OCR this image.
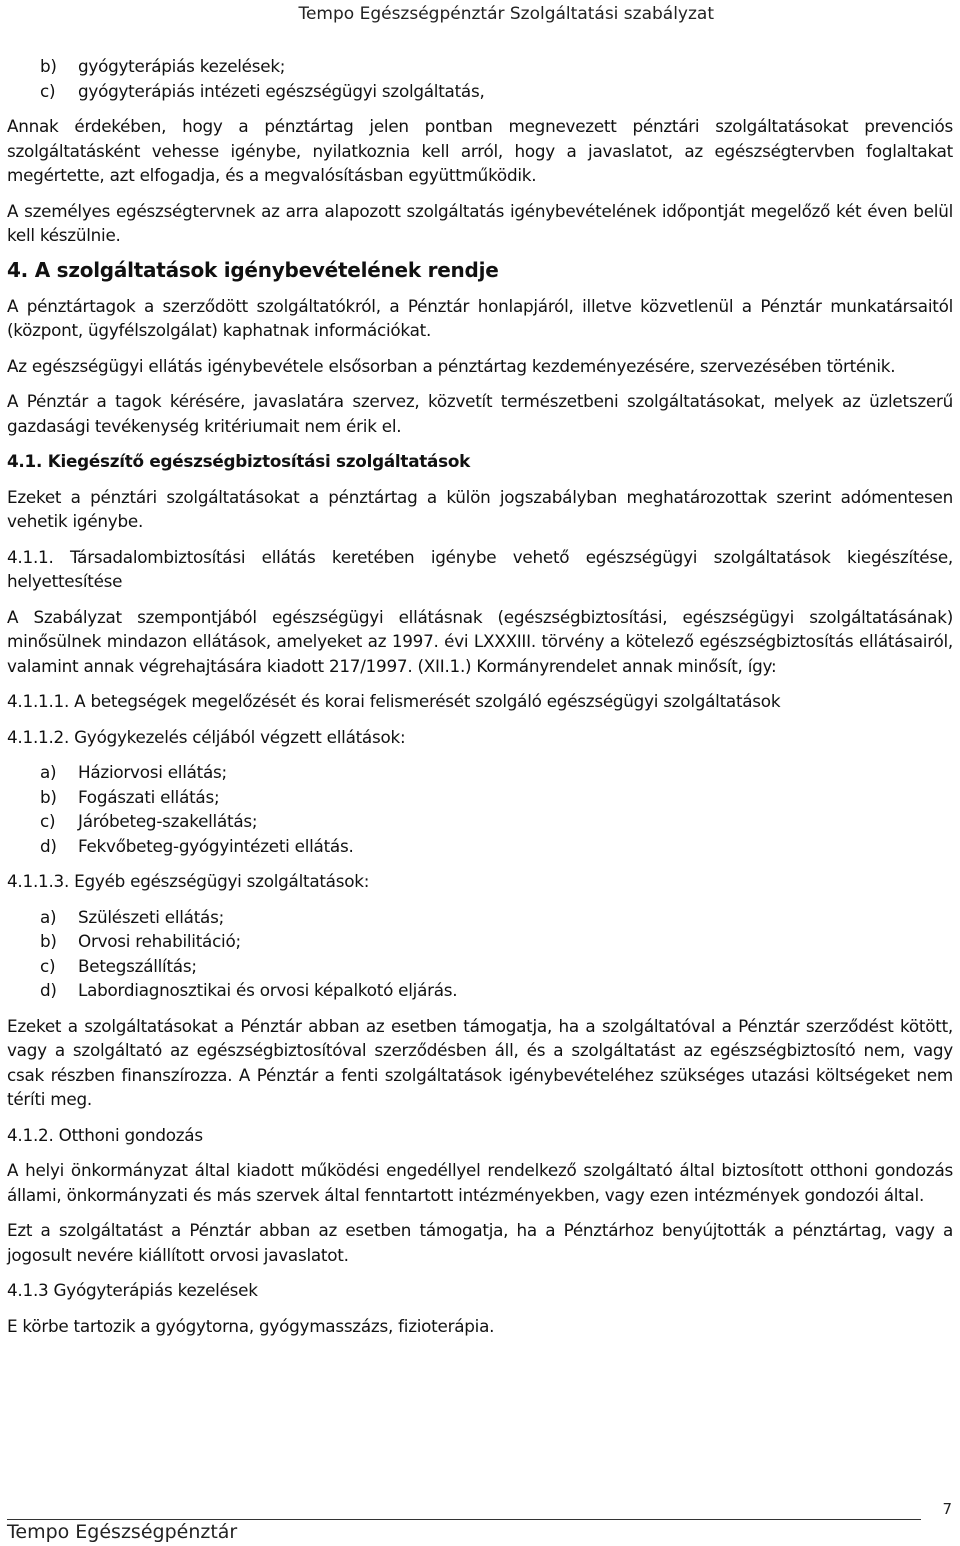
Tempo Egészségpénztár Szolgáltatási szabályzat
b) gyógyterápiás kezelések;
c) gyógyterápiás intézeti egészségügyi szolgáltatás,

Annak érdekében, hogy a pénztártag jelen pontban megnevezett pénztári szolgáltatásokat prevenciós szolgáltatásként vehesse igénybe, nyilatkoznia kell arról, hogy a javaslatot, az egészségtervben foglaltakat megértette, azt elfogadja, és a megvalósításban együttműködik.

A személyes egészségtervnek az arra alapozott szolgáltatás igénybevételének időpontját megelőző két éven belül kell készülnie.

4. A szolgáltatások igénybevételének rendje

A pénztártagok a szerződött szolgáltatókról, a Pénztár honlapjáról, illetve közvetlenül a Pénztár munkatársaitól (központ, ügyfélszolgálat) kaphatnak információkat.

Az egészségügyi ellátás igénybevétele elsősorban a pénztártag kezdeményezésére, szervezésében történik.

A Pénztár a tagok kérésére, javaslatára szervez, közvetít természetbeni szolgáltatásokat, melyek az üzletszerű gazdasági tevékenység kritériumait nem érik el.

4.1. Kiegészítő egészségbiztosítási szolgáltatások

Ezeket a pénztári szolgáltatásokat a pénztártag a külön jogszabályban meghatározottak szerint adómentesen vehetik igénybe.

4.1.1. Társadalombiztosítási ellátás keretében igénybe vehető egészségügyi szolgáltatások kiegészítése, helyettesítése

A Szabályzat szempontjából egészségügyi ellátásnak (egészségbiztosítási, egészségügyi szolgáltatásának) minősülnek mindazon ellátások, amelyeket az 1997. évi LXXXIII. törvény a kötelező egészségbiztosítás ellátásairól, valamint annak végrehajtására kiadott 217/1997. (XII.1.) Kormányrendelet annak minősít, így:

4.1.1.1. A betegségek megelőzését és korai felismerését szolgáló egészségügyi szolgáltatások

4.1.1.2. Gyógykezelés céljából végzett ellátások:

a) Háziorvosi ellátás;
b) Fogászati ellátás;
c) Járóbeteg-szakellátás;
d) Fekvőbeteg-gyógyintézeti ellátás.

4.1.1.3. Egyéb egészségügyi szolgáltatások:

a) Szülészeti ellátás;
b) Orvosi rehabilitáció;
c) Betegszállítás;
d) Labordiagnosztikai és orvosi képalkotó eljárás.

Ezeket a szolgáltatásokat a Pénztár abban az esetben támogatja, ha a szolgáltatóval a Pénztár szerződést kötött, vagy a szolgáltató az egészségbiztosítóval szerződésben áll, és a szolgáltatást az egészségbiztosító nem, vagy csak részben finanszírozza. A Pénztár a fenti szolgáltatások igénybevételéhez szükséges utazási költségeket nem téríti meg.

4.1.2. Otthoni gondozás

A helyi önkormányzat által kiadott működési engedéllyel rendelkező szolgáltató által biztosított otthoni gondozás állami, önkormányzati és más szervek által fenntartott intézményekben, vagy ezen intézmények gondozói által.

Ezt a szolgáltatást a Pénztár abban az esetben támogatja, ha a Pénztárhoz benyújtották a pénztártag, vagy a jogosult nevére kiállított orvosi javaslatot.

4.1.3 Gyógyterápiás kezelések

E körbe tartozik a gyógytorna, gyógymasszázs, fizioterápia.

Tempo Egészségpénztár
7
